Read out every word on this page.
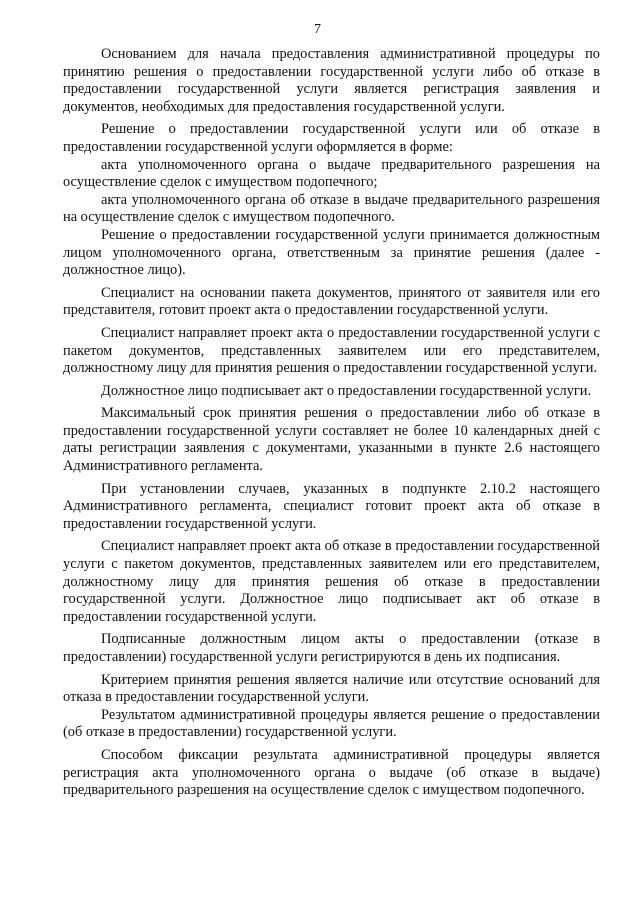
7

Основанием для начала предоставления административной процедуры по принятию решения о предоставлении государственной услуги либо об отказе в предоставлении государственной услуги является регистрация заявления и документов, необходимых для предоставления государственной услуги.

Решение о предоставлении государственной услуги или об отказе в предоставлении государственной услуги оформляется в форме:

акта уполномоченного органа о выдаче предварительного разрешения на осуществление сделок с имуществом подопечного;

акта уполномоченного органа об отказе в выдаче предварительного разрешения на осуществление сделок с имуществом подопечного.

Решение о предоставлении государственной услуги принимается должностным лицом уполномоченного органа, ответственным за принятие решения (далее - должностное лицо).

Специалист на основании пакета документов, принятого от заявителя или его представителя, готовит проект акта о предоставлении государственной услуги.

Специалист направляет проект акта о предоставлении государственной услуги с пакетом документов, представленных заявителем или его представителем, должностному лицу для принятия решения о предоставлении государственной услуги.

Должностное лицо подписывает акт о предоставлении государственной услуги.

Максимальный срок принятия решения о предоставлении либо об отказе в предоставлении государственной услуги составляет не более 10 календарных дней с даты регистрации заявления с документами, указанными в пункте 2.6 настоящего Административного регламента.

При установлении случаев, указанных в подпункте 2.10.2 настоящего Административного регламента, специалист готовит проект акта об отказе в предоставлении государственной услуги.

Специалист направляет проект акта об отказе в предоставлении государственной услуги с пакетом документов, представленных заявителем или его представителем, должностному лицу для принятия решения об отказе в предоставлении государственной услуги. Должностное лицо подписывает акт об отказе в предоставлении государственной услуги.

Подписанные должностным лицом акты о предоставлении (отказе в предоставлении) государственной услуги регистрируются в день их подписания.

Критерием принятия решения является наличие или отсутствие оснований для отказа в предоставлении государственной услуги.

Результатом административной процедуры является решение о предоставлении (об отказе в предоставлении) государственной услуги.

Способом фиксации результата административной процедуры является регистрация акта уполномоченного органа о выдаче (об отказе в выдаче) предварительного разрешения на осуществление сделок с имуществом подопечного.
